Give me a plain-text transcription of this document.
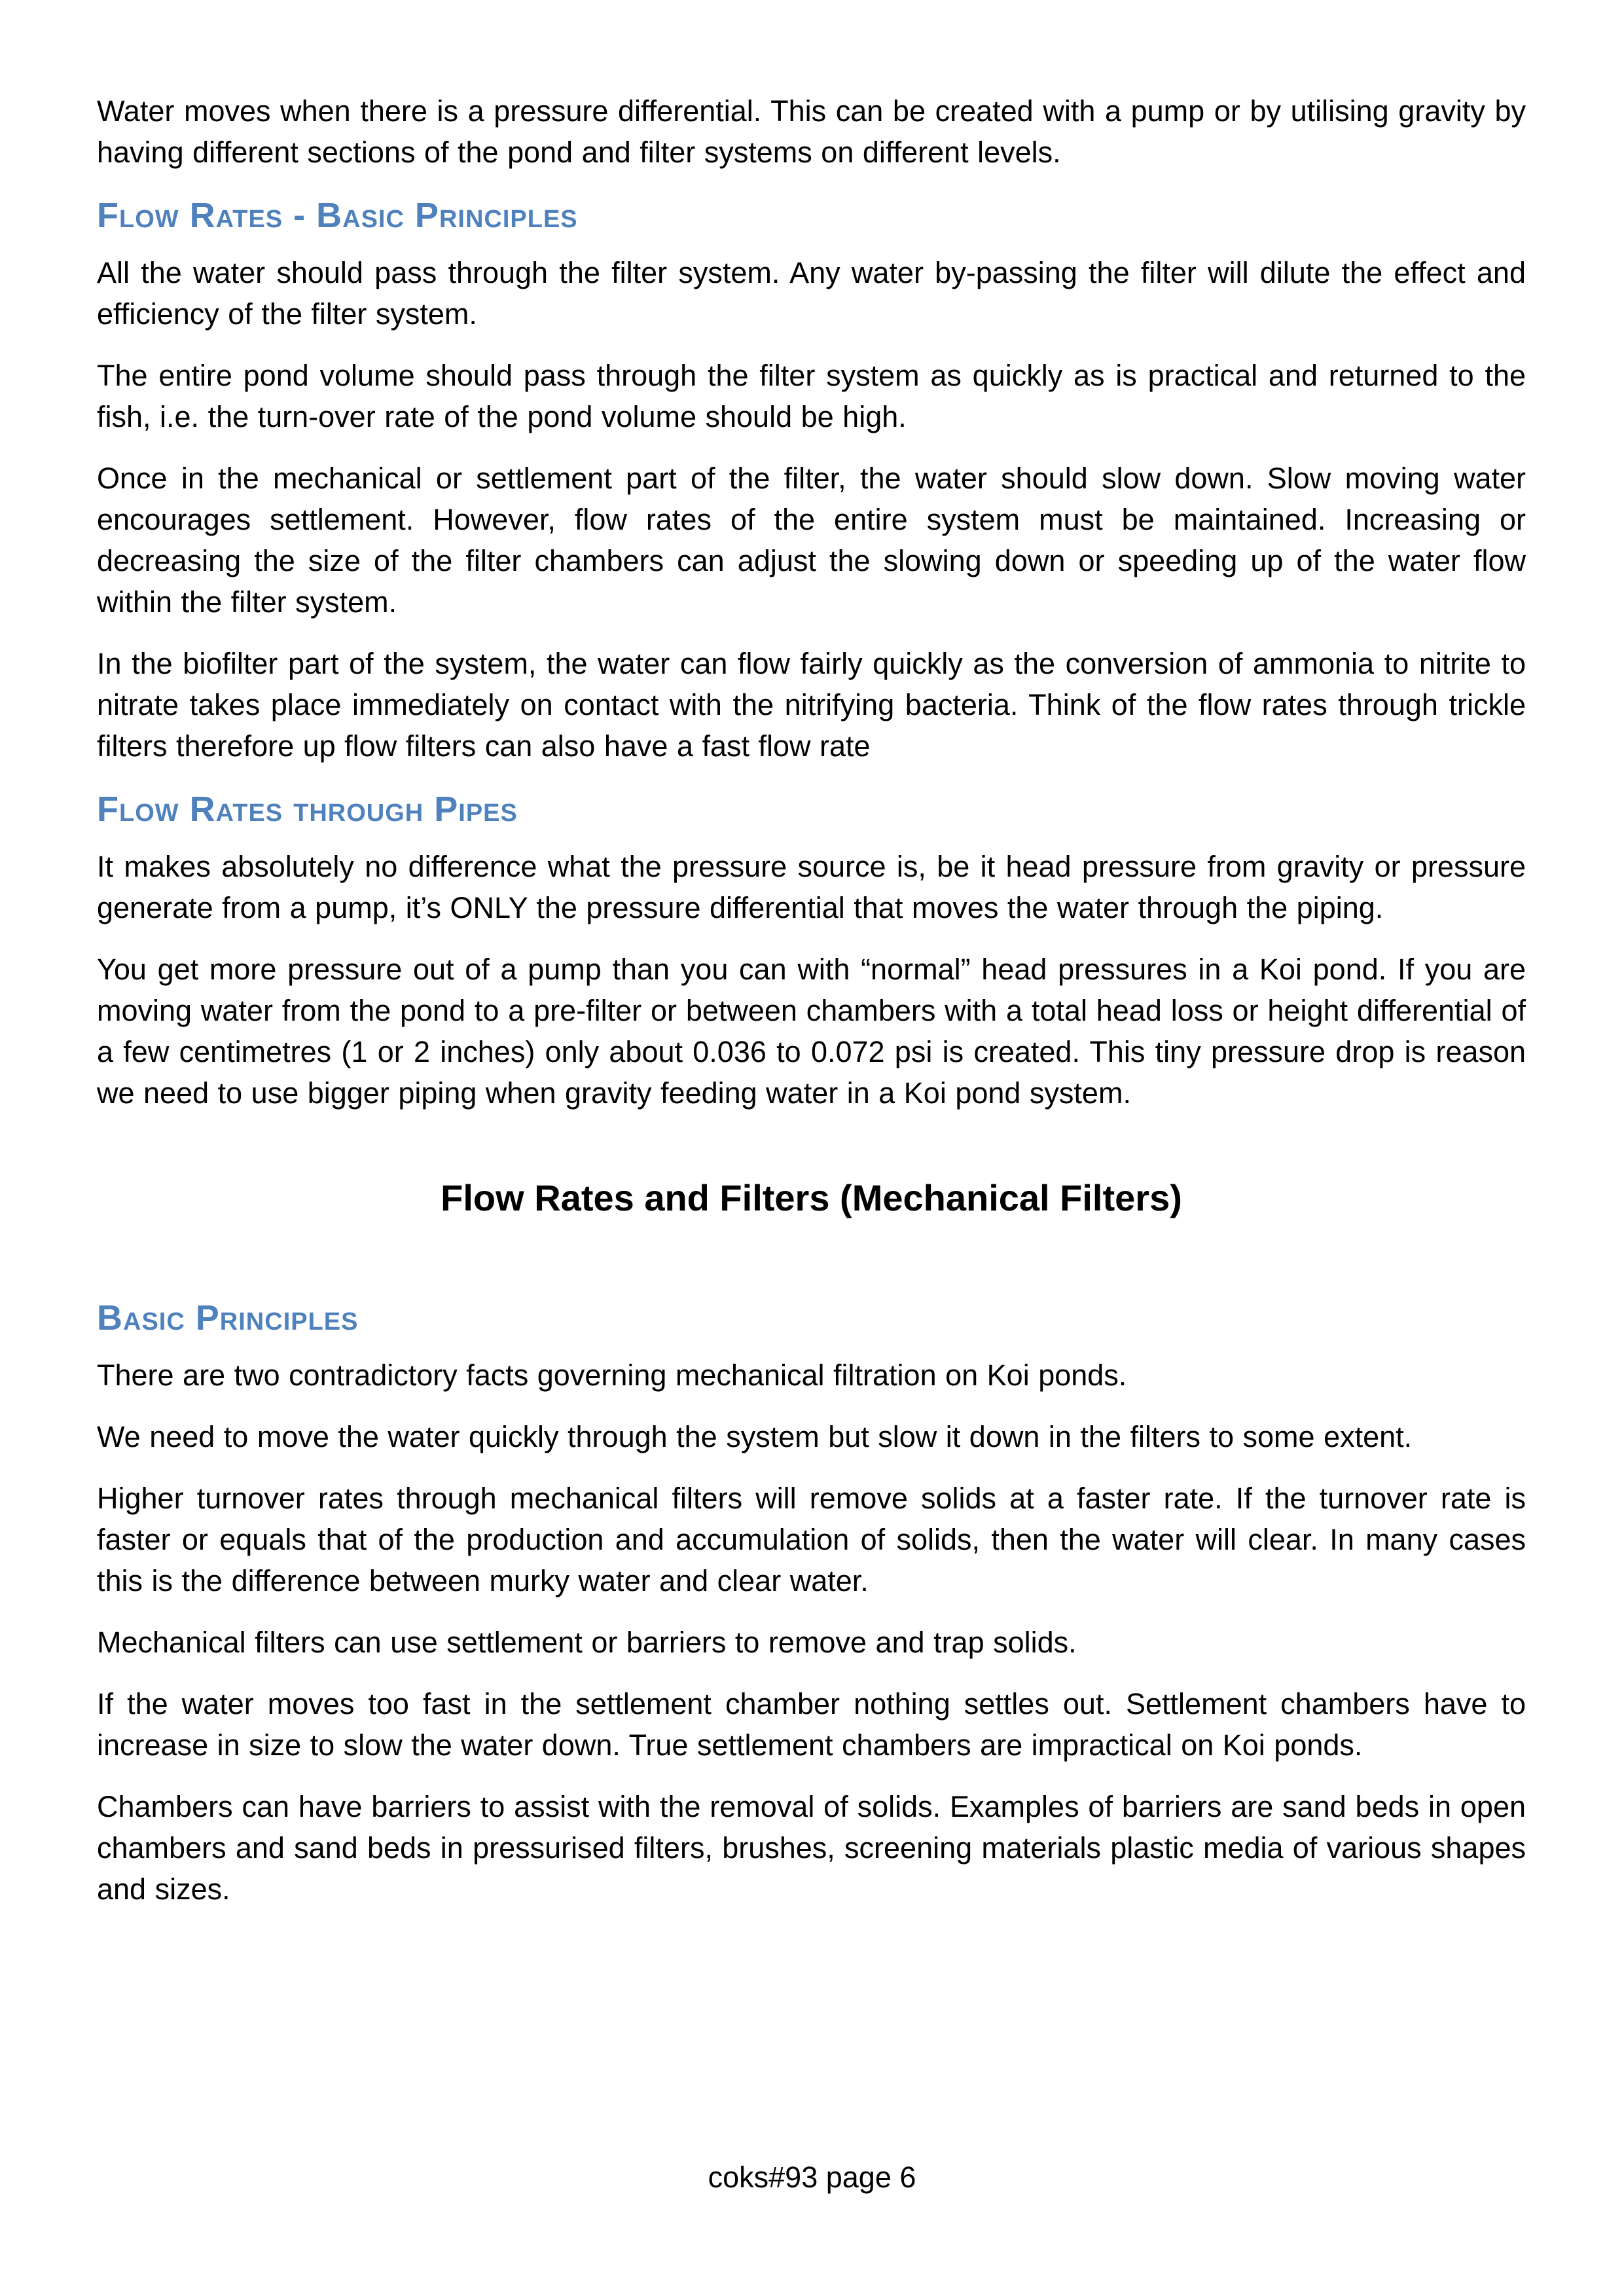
Water moves when there is a pressure differential. This can be created with a pump or by utilising gravity by having different sections of the pond and filter systems on different levels.

Flow Rates - Basic Principles

All the water should pass through the filter system. Any water by-passing the filter will dilute the effect and efficiency of the filter system.

The entire pond volume should pass through the filter system as quickly as is practical and returned to the fish, i.e. the turn-over rate of the pond volume should be high.

Once in the mechanical or settlement part of the filter, the water should slow down. Slow moving water encourages settlement. However, flow rates of the entire system must be maintained. Increasing or decreasing the size of the filter chambers can adjust the slowing down or speeding up of the water flow within the filter system.

In the biofilter part of the system, the water can flow fairly quickly as the conversion of ammonia to nitrite to nitrate takes place immediately on contact with the nitrifying bacteria. Think of the flow rates through trickle filters therefore up flow filters can also have a fast flow rate

Flow Rates through Pipes

It makes absolutely no difference what the pressure source is, be it head pressure from gravity or pressure generate from a pump, it’s ONLY the pressure differential that moves the water through the piping.

You get more pressure out of a pump than you can with “normal” head pressures in a Koi pond. If you are moving water from the pond to a pre-filter or between chambers with a total head loss or height differential of a few centimetres (1 or 2 inches) only about 0.036 to 0.072 psi is created. This tiny pressure drop is reason we need to use bigger piping when gravity feeding water in a Koi pond system.

Flow Rates and Filters (Mechanical Filters)
Basic Principles

There are two contradictory facts governing mechanical filtration on Koi ponds.

We need to move the water quickly through the system but slow it down in the filters to some extent.

Higher turnover rates through mechanical filters will remove solids at a faster rate. If the turnover rate is faster or equals that of the production and accumulation of solids, then the water will clear. In many cases this is the difference between murky water and clear water.

Mechanical filters can use settlement or barriers to remove and trap solids.

If the water moves too fast in the settlement chamber nothing settles out. Settlement chambers have to increase in size to slow the water down. True settlement chambers are impractical on Koi ponds.

Chambers can have barriers to assist with the removal of solids. Examples of barriers are sand beds in open chambers and sand beds in pressurised filters, brushes, screening materials plastic media of various shapes and sizes.

coks#93 page 6
